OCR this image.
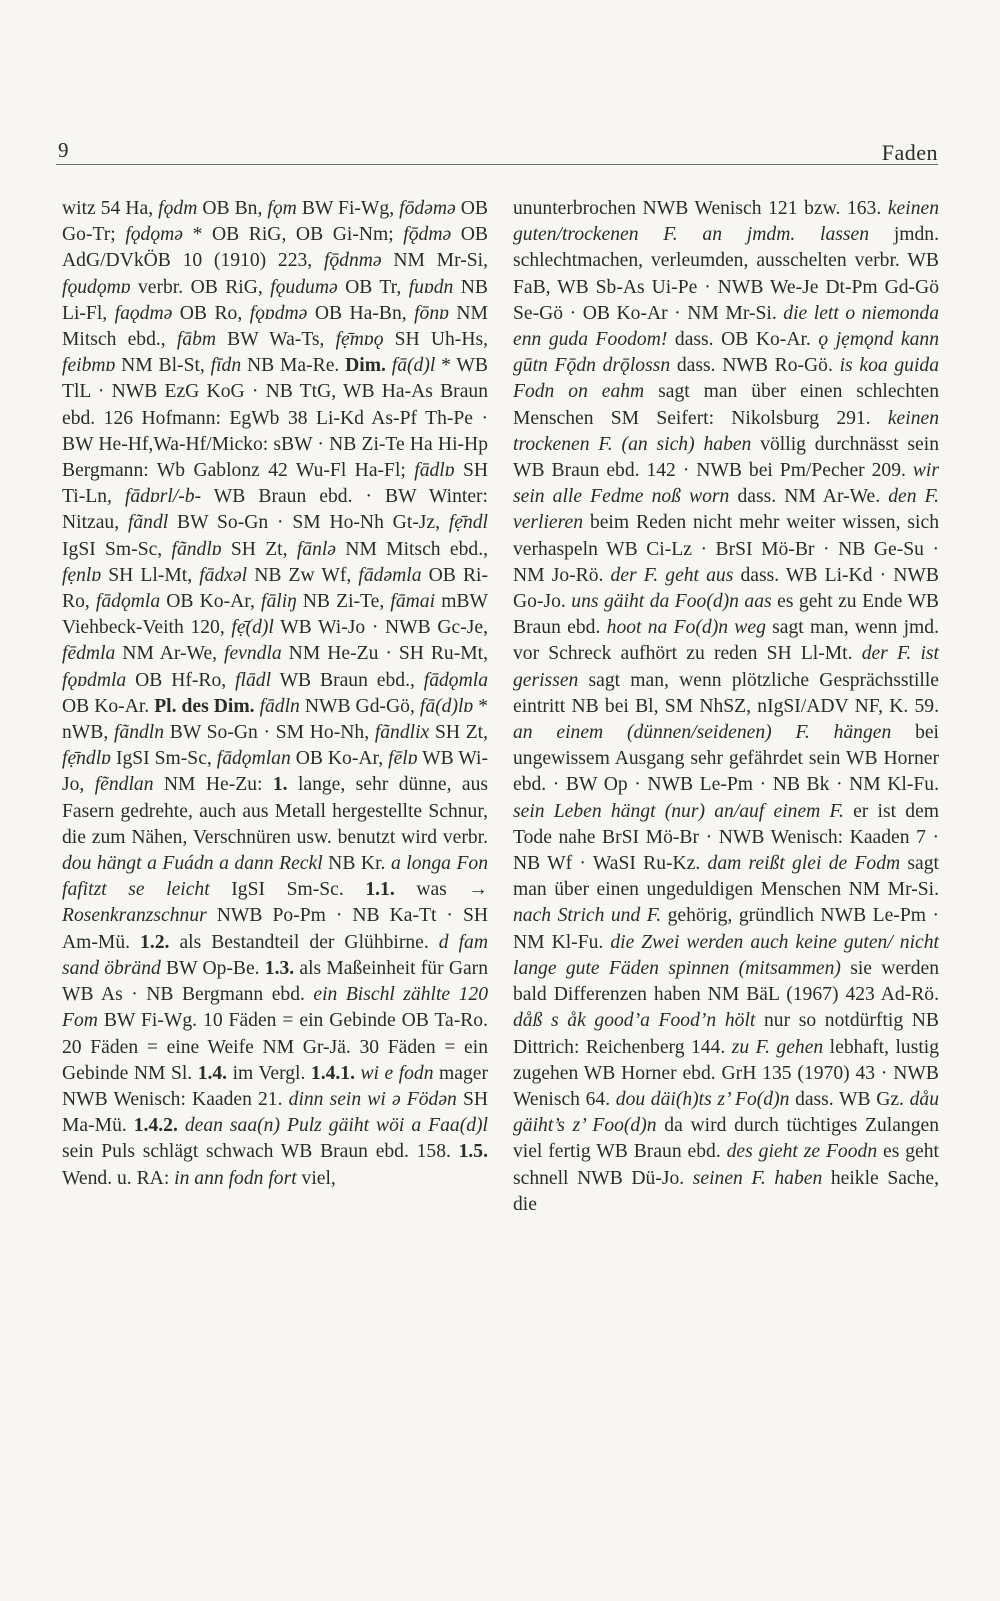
9	Faden
witz 54 Ha, fǫdm OB Bn, fǫm BW Fi-Wg, fōdəmə OB Go-Tr; fǫdǫmə * OB RiG, OB Gi-Nm; fǭdmə OB AdG/DVkÖB 10 (1910) 223, fǭdnmə NM Mr-Si, fǫudǫmɒ verbr. OB RiG, fǫudumə OB Tr, fuɒdn NB Li-Fl, faǫdmə OB Ro, fǫɒdmə OB Ha-Bn, fōnɒ NM Mitsch ebd., fābm BW Wa-Ts, fẹ̄mɒǫ SH Uh-Hs, feibmɒ NM Bl-St, fīdn NB Ma-Re. Dim. fā(d)l * WB TlL · NWB EzG KoG · NB TtG, WB Ha-As Braun ebd. 126 Hofmann: EgWb 38 Li-Kd As-Pf Th-Pe · BW He-Hf,Wa-Hf/Micko: sBW · NB Zi-Te Ha Hi-Hp Bergmann: Wb Gablonz 42 Wu-Fl Ha-Fl; fādlɒ SH Ti-Ln, fādɒrl/-b- WB Braun ebd. · BW Winter: Nitzau, fãndl BW So-Gn · SM Ho-Nh Gt-Jz, fẹ̄ndl IgSI Sm-Sc, fãndlɒ SH Zt, fānlə NM Mitsch ebd., fẹnlɒ SH Ll-Mt, fādxəl NB Zw Wf, fādəmla OB Ri-Ro, fādǫmla OB Ko-Ar, fāliŋ NB Zi-Te, fāmai mBW Viehbeck-Veith 120, fẹ̄(d)l WB Wi-Jo · NWB Gc-Je, fēdmla NM Ar-We, fevndla NM He-Zu · SH Ru-Mt, fǫɒdmla OB Hf-Ro, flādl WB Braun ebd., fādǫmla OB Ko-Ar. Pl. des Dim. fādln NWB Gd-Gö, fā(d)lɒ * nWB, fãndln BW So-Gn · SM Ho-Nh, fãndlix SH Zt, fẹ̄ndlɒ IgSI Sm-Sc, fādǫmlan OB Ko-Ar, fēlɒ WB Wi-Jo, fẽndlan NM He-Zu: 1. lange, sehr dünne, aus Fasern gedrehte, auch aus Metall hergestellte Schnur, die zum Nähen, Verschnüren usw. benutzt wird verbr. dou hängt a Fuádn a dann Reckl NB Kr. a longa Fon fafitzt se leicht IgSI Sm-Sc. 1.1. was → Rosenkranzschnur NWB Po-Pm · NB Ka-Tt · SH Am-Mü. 1.2. als Bestandteil der Glühbirne. d fam sand öbränd BW Op-Be. 1.3. als Maßeinheit für Garn WB As · NB Bergmann ebd. ein Bischl zählte 120 Fom BW Fi-Wg. 10 Fäden = ein Gebinde OB Ta-Ro. 20 Fäden = eine Weife NM Gr-Jä. 30 Fäden = ein Gebinde NM Sl. 1.4. im Vergl. 1.4.1. wi e fodn mager NWB Wenisch: Kaaden 21. dinn sein wi ə Födən SH Ma-Mü. 1.4.2. dean saa(n) Pulz gäiht wöi a Faa(d)l sein Puls schlägt schwach WB Braun ebd. 158. 1.5. Wend. u. RA: in ann fodn fort viel,
ununterbrochen NWB Wenisch 121 bzw. 163. keinen guten/trockenen F. an jmdm. lassen jmdn. schlechtmachen, verleumden, ausschelten verbr. WB FaB, WB Sb-As Ui-Pe · NWB We-Je Dt-Pm Gd-Gö Se-Gö · OB Ko-Ar · NM Mr-Si. die lett o niemonda enn guda Foodom! dass. OB Ko-Ar. ǫ jẹmǫnd kann gūtn Fǭdn drǭlossn dass. NWB Ro-Gö. is koa guida Fodn on eahm sagt man über einen schlechten Menschen SM Seifert: Nikolsburg 291. keinen trockenen F. (an sich) haben völlig durchnässt sein WB Braun ebd. 142 · NWB bei Pm/Pecher 209. wir sein alle Fedme noß worn dass. NM Ar-We. den F. verlieren beim Reden nicht mehr weiter wissen, sich verhaspeln WB Ci-Lz · BrSI Mö-Br · NB Ge-Su · NM Jo-Rö. der F. geht aus dass. WB Li-Kd · NWB Go-Jo. uns gäiht da Foo(d)n aas es geht zu Ende WB Braun ebd. hoot na Fo(d)n weg sagt man, wenn jmd. vor Schreck aufhört zu reden SH Ll-Mt. der F. ist gerissen sagt man, wenn plötzliche Gesprächsstille eintritt NB bei Bl, SM NhSZ, nIgSI/ADV NF, K. 59. an einem (dünnen/seidenen) F. hängen bei ungewissem Ausgang sehr gefährdet sein WB Horner ebd. · BW Op · NWB Le-Pm · NB Bk · NM Kl-Fu. sein Leben hängt (nur) an/auf einem F. er ist dem Tode nahe BrSI Mö-Br · NWB Wenisch: Kaaden 7 · NB Wf · WaSI Ru-Kz. dam reißt glei de Fodm sagt man über einen ungeduldigen Menschen NM Mr-Si. nach Strich und F. gehörig, gründlich NWB Le-Pm · NM Kl-Fu. die Zwei werden auch keine guten/ nicht lange gute Fäden spinnen (mitsammen) sie werden bald Differenzen haben NM BäL (1967) 423 Ad-Rö. dåß s åk good’a Food’n hölt nur so notdürftig NB Dittrich: Reichenberg 144. zu F. gehen lebhaft, lustig zugehen WB Horner ebd. GrH 135 (1970) 43 · NWB Wenisch 64. dou däi(h)ts z’ Fo(d)n dass. WB Gz. dåu gäiht’s z’ Foo(d)n da wird durch tüchtiges Zulangen viel fertig WB Braun ebd. des gieht ze Foodn es geht schnell NWB Dü-Jo. seinen F. haben heikle Sache, die
